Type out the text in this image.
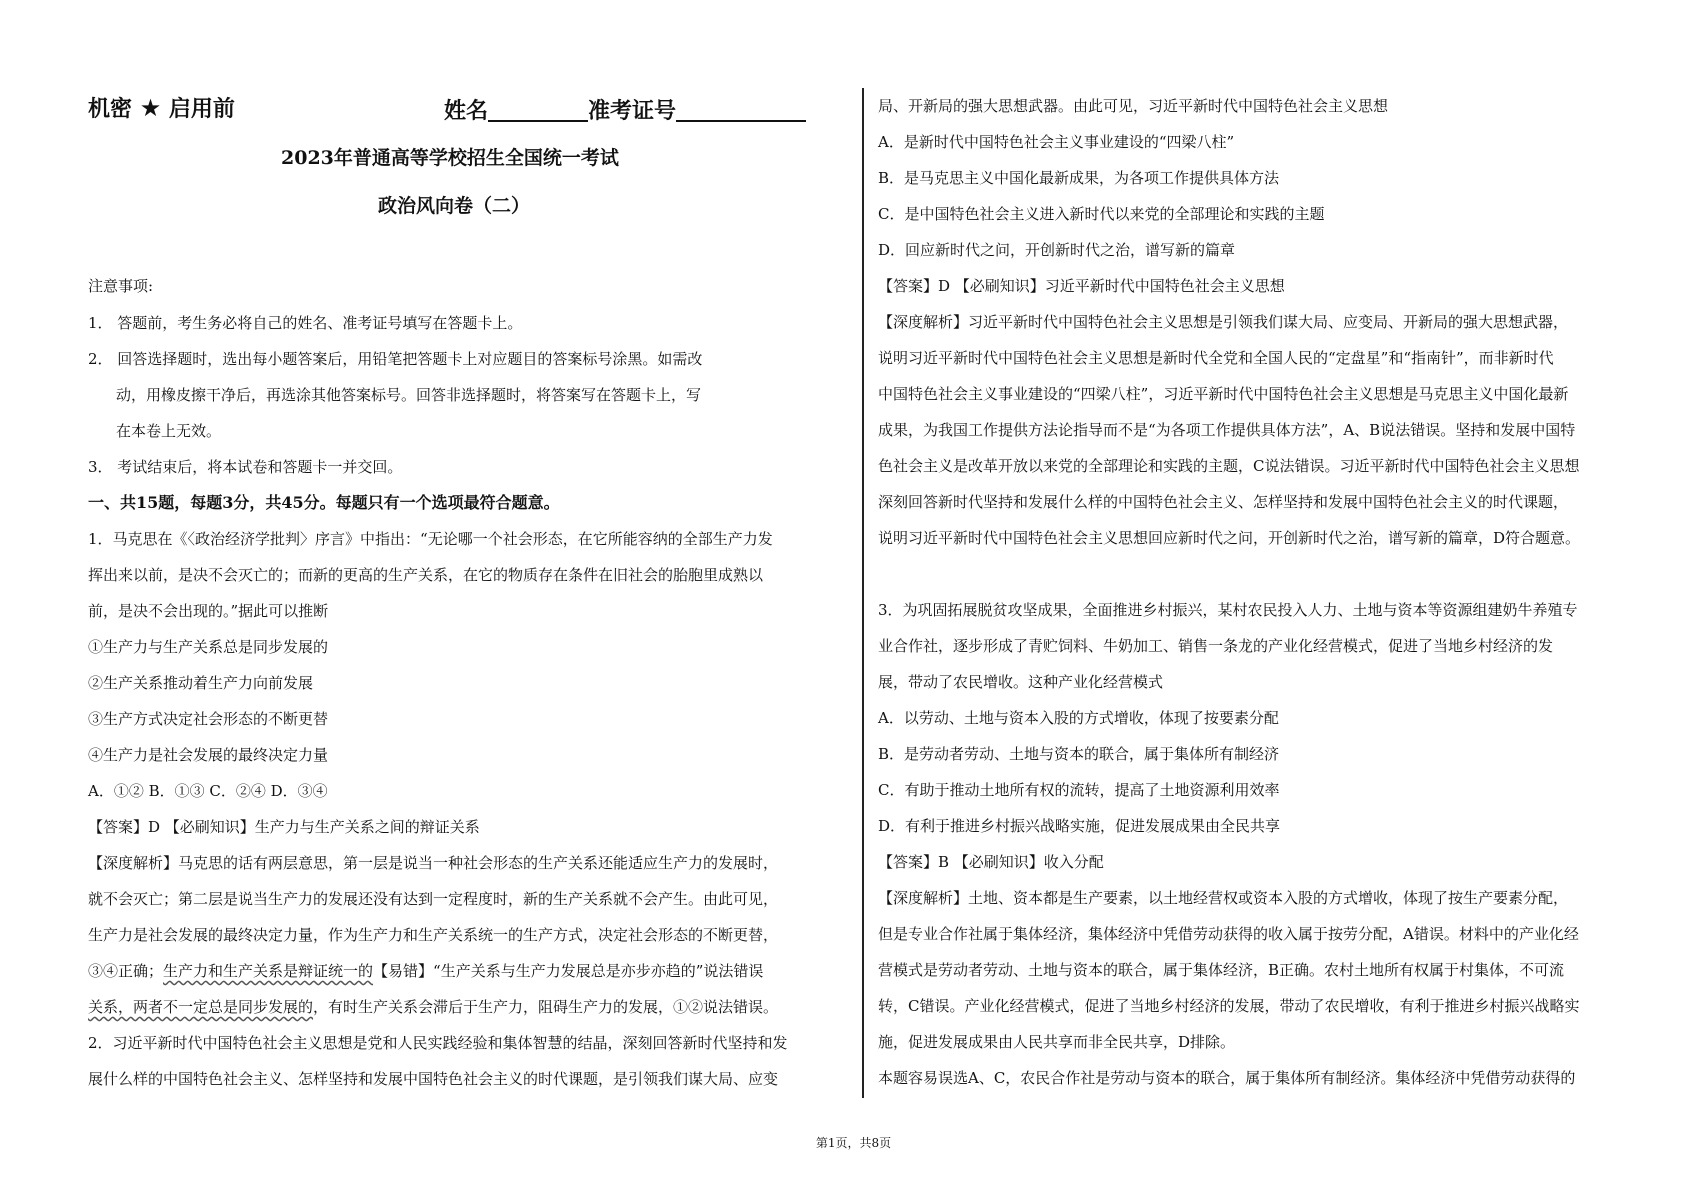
机密 ★ 启用前	姓名	准考证号
2023年普通高等学校招生全国统一考试
政治风向卷（二）
注意事项:
1． 答题前，考生务必将自己的姓名、准考证号填写在答题卡上。
2． 回答选择题时，选出每小题答案后，用铅笔把答题卡上对应题目的答案标号涂黑。如需改
动，用橡皮擦干净后，再选涂其他答案标号。回答非选择题时，将答案写在答题卡上，写
在本卷上无效。
3． 考试结束后，将本试卷和答题卡一并交回。
一、共15题，每题3分，共45分。每题只有一个选项最符合题意。
1．马克思在《〈政治经济学批判〉序言》中指出：“无论哪一个社会形态，在它所能容纳的全部生产力发
挥出来以前，是决不会灭亡的；而新的更高的生产关系，在它的物质存在条件在旧社会的胎胞里成熟以
前，是决不会出现的。”据此可以推断
①生产力与生产关系总是同步发展的
②生产关系推动着生产力向前发展
③生产方式决定社会形态的不断更替
④生产力是社会发展的最终决定力量
A．①② B．①③ C．②④ D．③④
【答案】D 【必刷知识】生产力与生产关系之间的辩证关系
【深度解析】马克思的话有两层意思，第一层是说当一种社会形态的生产关系还能适应生产力的发展时，
就不会灭亡；第二层是说当生产力的发展还没有达到一定程度时，新的生产关系就不会产生。由此可见，
生产力是社会发展的最终决定力量，作为生产力和生产关系统一的生产方式，决定社会形态的不断更替，
③④正确；生产力和生产关系是辩证统一的【易错】“生产关系与生产力发展总是亦步亦趋的”说法错误
关系，两者不一定总是同步发展的，有时生产关系会滞后于生产力，阻碍生产力的发展，①②说法错误。
2．习近平新时代中国特色社会主义思想是党和人民实践经验和集体智慧的结晶，深刻回答新时代坚持和发
展什么样的中国特色社会主义、怎样坚持和发展中国特色社会主义的时代课题，是引领我们谋大局、应变
局、开新局的强大思想武器。由此可见，习近平新时代中国特色社会主义思想
A．是新时代中国特色社会主义事业建设的“四梁八柱”
B．是马克思主义中国化最新成果，为各项工作提供具体方法
C．是中国特色社会主义进入新时代以来党的全部理论和实践的主题
D．回应新时代之问，开创新时代之治，谱写新的篇章
【答案】D 【必刷知识】习近平新时代中国特色社会主义思想
【深度解析】习近平新时代中国特色社会主义思想是引领我们谋大局、应变局、开新局的强大思想武器，
说明习近平新时代中国特色社会主义思想是新时代全党和全国人民的“定盘星”和“指南针”，而非新时代
中国特色社会主义事业建设的“四梁八柱”，习近平新时代中国特色社会主义思想是马克思主义中国化最新
成果，为我国工作提供方法论指导而不是“为各项工作提供具体方法”，A、B说法错误。坚持和发展中国特
色社会主义是改革开放以来党的全部理论和实践的主题，C说法错误。习近平新时代中国特色社会主义思想
深刻回答新时代坚持和发展什么样的中国特色社会主义、怎样坚持和发展中国特色社会主义的时代课题，
说明习近平新时代中国特色社会主义思想回应新时代之问，开创新时代之治，谱写新的篇章，D符合题意。
3．为巩固拓展脱贫攻坚成果，全面推进乡村振兴，某村农民投入人力、土地与资本等资源组建奶牛养殖专
业合作社，逐步形成了青贮饲料、牛奶加工、销售一条龙的产业化经营模式，促进了当地乡村经济的发
展，带动了农民增收。这种产业化经营模式
A．以劳动、土地与资本入股的方式增收，体现了按要素分配
B．是劳动者劳动、土地与资本的联合，属于集体所有制经济
C．有助于推动土地所有权的流转，提高了土地资源利用效率
D．有利于推进乡村振兴战略实施，促进发展成果由全民共享
【答案】B 【必刷知识】收入分配
【深度解析】土地、资本都是生产要素，以土地经营权或资本入股的方式增收，体现了按生产要素分配，
但是专业合作社属于集体经济，集体经济中凭借劳动获得的收入属于按劳分配，A错误。材料中的产业化经
营模式是劳动者劳动、土地与资本的联合，属于集体经济，B正确。农村土地所有权属于村集体，不可流
转，C错误。产业化经营模式，促进了当地乡村经济的发展，带动了农民增收，有利于推进乡村振兴战略实
施，促进发展成果由人民共享而非全民共享，D排除。
本题容易误选A、C，农民合作社是劳动与资本的联合，属于集体所有制经济。集体经济中凭借劳动获得的
第1页，共8页
